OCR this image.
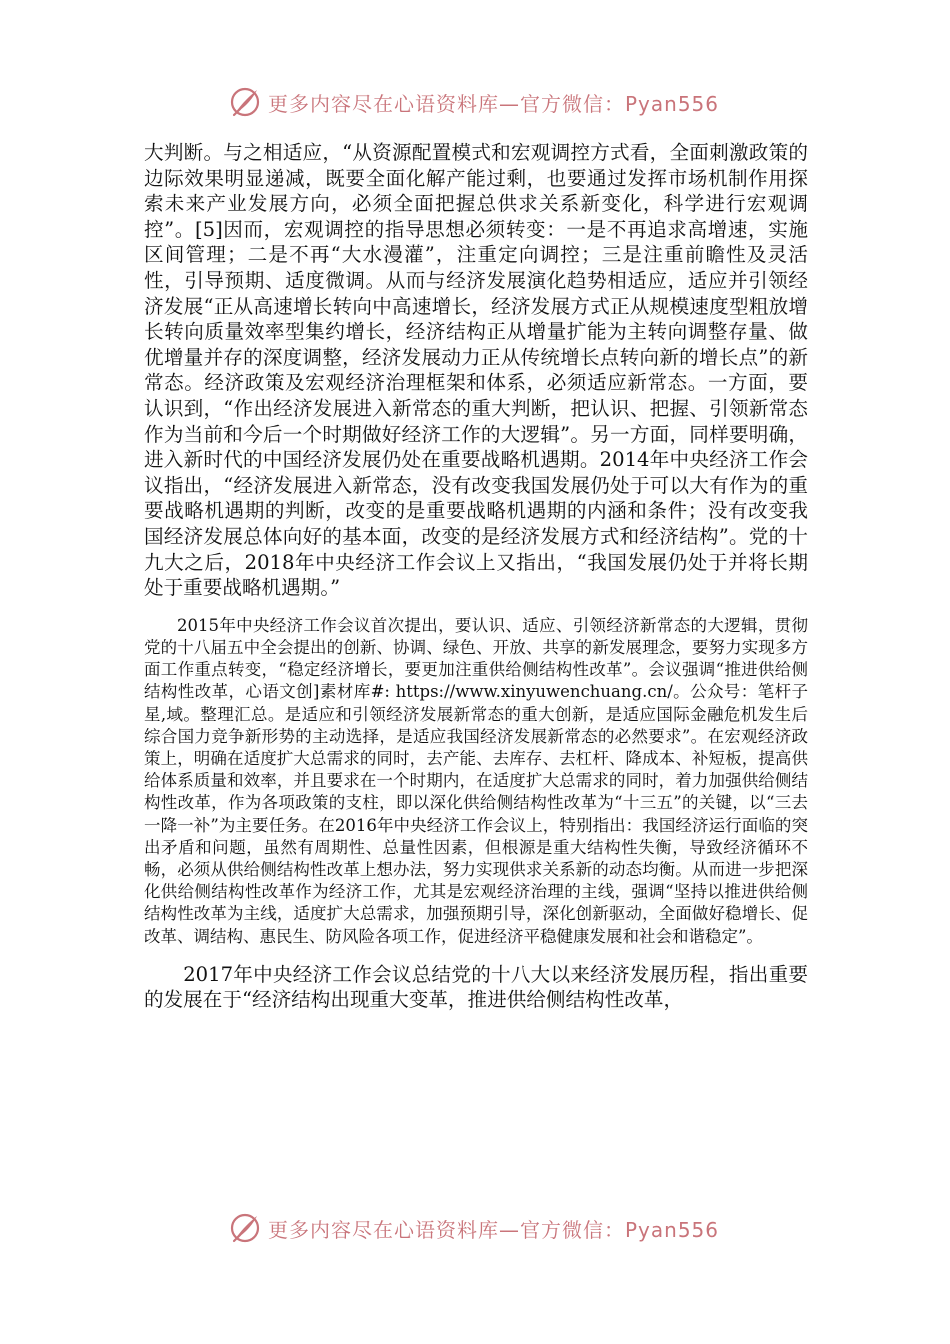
更多内容尽在心语资料库—官方微信：Pyan556

大判断。与之相适应，“从资源配置模式和宏观调控方式看，全面刺激政策的边际效果明显递减，既要全面化解产能过剩，也要通过发挥市场机制作用探索未来产业发展方向，必须全面把握总供求关系新变化，科学进行宏观调控”。[5]因而，宏观调控的指导思想必须转变：一是不再追求高增速，实施区间管理；二是不再“大水漫灌”，注重定向调控；三是注重前瞻性及灵活性，引导预期、适度微调。从而与经济发展演化趋势相适应，适应并引领经济发展“正从高速增长转向中高速增长，经济发展方式正从规模速度型粗放增长转向质量效率型集约增长，经济结构正从增量扩能为主转向调整存量、做优增量并存的深度调整，经济发展动力正从传统增长点转向新的增长点”的新常态。经济政策及宏观经济治理框架和体系，必须适应新常态。一方面，要认识到，“作出经济发展进入新常态的重大判断，把认识、把握、引领新常态作为当前和今后一个时期做好经济工作的大逻辑”。另一方面，同样要明确，进入新时代的中国经济发展仍处在重要战略机遇期。2014年中央经济工作会议指出，“经济发展进入新常态，没有改变我国发展仍处于可以大有作为的重要战略机遇期的判断，改变的是重要战略机遇期的内涵和条件；没有改变我国经济发展总体向好的基本面，改变的是经济发展方式和经济结构”。党的十九大之后，2018年中央经济工作会议上又指出，“我国发展仍处于并将长期处于重要战略机遇期。”

2015年中央经济工作会议首次提出，要认识、适应、引领经济新常态的大逻辑，贯彻党的十八届五中全会提出的创新、协调、绿色、开放、共享的新发展理念，要努力实现多方面工作重点转变，“稳定经济增长，要更加注重供给侧结构性改革”。会议强调“推进供给侧结构性改革，心语文创]素材库#: https://www.xinyuwenchuang.cn/。公众号：笔杆子星,域。整理汇总。是适应和引领经济发展新常态的重大创新，是适应国际金融危机发生后综合国力竞争新形势的主动选择，是适应我国经济发展新常态的必然要求”。在宏观经济政策上，明确在适度扩大总需求的同时，去产能、去库存、去杠杆、降成本、补短板，提高供给体系质量和效率，并且要求在一个时期内，在适度扩大总需求的同时，着力加强供给侧结构性改革，作为各项政策的支柱，即以深化供给侧结构性改革为“十三五”的关键，以“三去一降一补”为主要任务。在2016年中央经济工作会议上，特别指出：我国经济运行面临的突出矛盾和问题，虽然有周期性、总量性因素，但根源是重大结构性失衡，导致经济循环不畅，必须从供给侧结构性改革上想办法，努力实现供求关系新的动态均衡。从而进一步把深化供给侧结构性改革作为经济工作，尤其是宏观经济治理的主线，强调“坚持以推进供给侧结构性改革为主线，适度扩大总需求，加强预期引导，深化创新驱动，全面做好稳增长、促改革、调结构、惠民生、防风险各项工作，促进经济平稳健康发展和社会和谐稳定”。

2017年中央经济工作会议总结党的十八大以来经济发展历程，指出重要的发展在于“经济结构出现重大变革，推进供给侧结构性改革，

更多内容尽在心语资料库—官方微信：Pyan556
